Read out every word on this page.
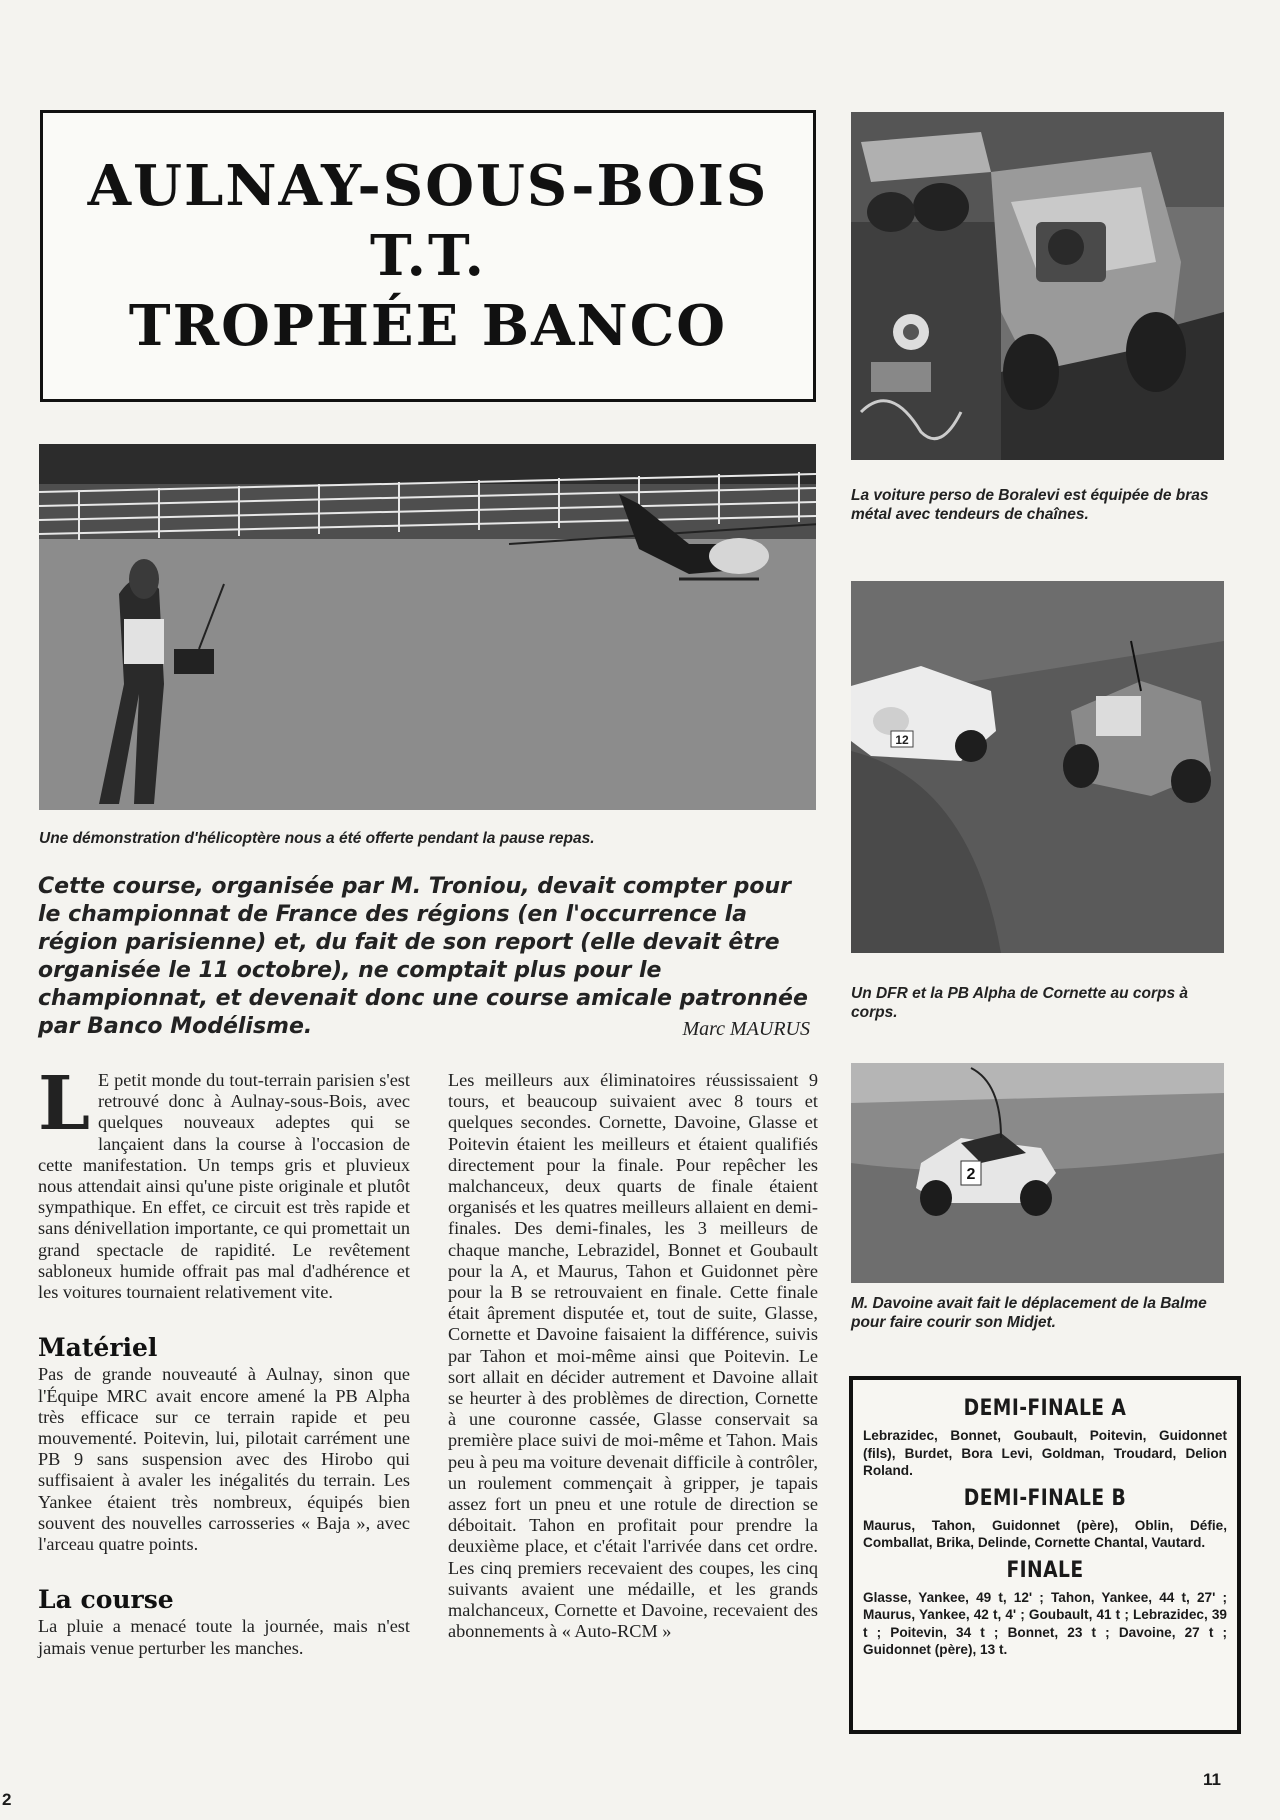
AULNAY-SOUS-BOIS
T.T.
TROPHÉE BANCO
La voiture perso de Boralevi est équipée de bras métal avec tendeurs de chaînes.
Une démonstration d'hélicoptère nous a été offerte pendant la pause repas.
12
Un DFR et la PB Alpha de Cornette au corps à corps.
Cette course, organisée par M. Troniou, devait compter pour le championnat de France des régions (en l'occurrence la région parisienne) et, du fait de son report (elle devait être organisée le 11 octobre), ne comptait plus pour le championnat, et devenait donc une course amicale patronnée par Banco Modélisme.	Marc MAURUS
L E petit monde du tout-terrain parisien s'est retrouvé donc à Aulnay-sous-Bois, avec quelques nouveaux adeptes qui se lançaient dans la course à l'occasion de cette manifestation. Un temps gris et pluvieux nous attendait ainsi qu'une piste originale et plutôt sympathique. En effet, ce circuit est très rapide et sans dénivellation importante, ce qui promettait un grand spectacle de rapidité. Le revêtement sabloneux humide offrait pas mal d'adhérence et les voitures tournaient relativement vite.
Matériel
Pas de grande nouveauté à Aulnay, sinon que l'Équipe MRC avait encore amené la PB Alpha très efficace sur ce terrain rapide et peu mouvementé. Poitevin, lui, pilotait carrément une PB 9 sans suspension avec des Hirobo qui suffisaient à avaler les inégalités du terrain. Les Yankee étaient très nombreux, équipés bien souvent des nouvelles carrosseries « Baja », avec l'arceau quatre points.
La course
La pluie a menacé toute la journée, mais n'est jamais venue perturber les manches.
Les meilleurs aux éliminatoires réussissaient 9 tours, et beaucoup suivaient avec 8 tours et quelques secondes. Cornette, Davoine, Glasse et Poitevin étaient les meilleurs et étaient qualifiés directement pour la finale. Pour repêcher les malchanceux, deux quarts de finale étaient organisés et les quatres meilleurs allaient en demi-finales. Des demi-finales, les 3 meilleurs de chaque manche, Lebrazidel, Bonnet et Goubault pour la A, et Maurus, Tahon et Guidonnet père pour la B se retrouvaient en finale. Cette finale était âprement disputée et, tout de suite, Glasse, Cornette et Davoine faisaient la différence, suivis par Tahon et moi-même ainsi que Poitevin. Le sort allait en décider autrement et Davoine allait se heurter à des problèmes de direction, Cornette à une couronne cassée, Glasse conservait sa première place suivi de moi-même et Tahon. Mais peu à peu ma voiture devenait difficile à contrôler, un roulement commençait à gripper, je tapais assez fort un pneu et une rotule de direction se déboitait. Tahon en profitait pour prendre la deuxième place, et c'était l'arrivée dans cet ordre. Les cinq premiers recevaient des coupes, les cinq suivants avaient une médaille, et les grands malchanceux, Cornette et Davoine, recevaient des abonnements à « Auto-RCM »
2
M. Davoine avait fait le déplacement de la Balme pour faire courir son Midjet.
DEMI-FINALE A
Lebrazidec, Bonnet, Goubault, Poitevin, Guidonnet (fils), Burdet, Bora Levi, Goldman, Troudard, Delion Roland.
DEMI-FINALE B
Maurus, Tahon, Guidonnet (père), Oblin, Défie, Comballat, Brika, Delinde, Cornette Chantal, Vautard.
FINALE
Glasse, Yankee, 49 t, 12' ; Tahon, Yankee, 44 t, 27' ; Maurus, Yankee, 42 t, 4' ; Goubault, 41 t ; Lebrazidec, 39 t ; Poitevin, 34 t ; Bonnet, 23 t ; Davoine, 27 t ; Guidonnet (père), 13 t.
2
11
